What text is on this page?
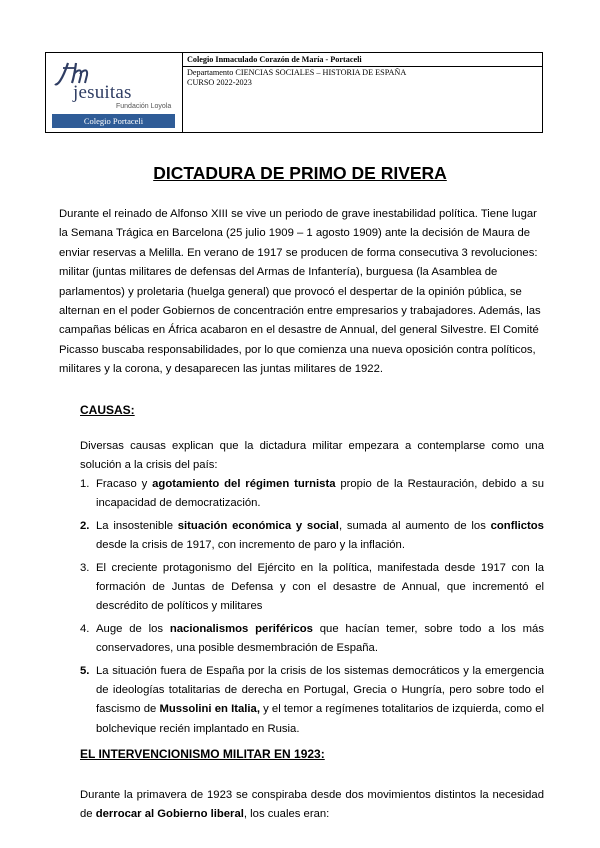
jesuitas
Fundación Loyola
Colegio Portaceli
Colegio Inmaculado Corazón de María - Portaceli
Departamento CIENCIAS SOCIALES – HISTORIA DE ESPAÑA
CURSO 2022-2023
DICTADURA DE PRIMO DE RIVERA
Durante el reinado de Alfonso XIII se vive un periodo de grave inestabilidad política. Tiene lugar la Semana Trágica en Barcelona (25 julio 1909 – 1 agosto 1909) ante la decisión de Maura de enviar reservas a Melilla. En verano de 1917 se producen de forma consecutiva 3 revoluciones: militar (juntas militares de defensas del Armas de Infantería), burguesa (la Asamblea de parlamentos) y proletaria (huelga general) que provocó el despertar de la opinión pública, se alternan en el poder Gobiernos de concentración entre empresarios y trabajadores. Además, las campañas bélicas en África acabaron en el desastre de Annual, del general Silvestre. El Comité Picasso buscaba responsabilidades, por lo que comienza una nueva oposición contra políticos, militares y la corona, y desaparecen las juntas militares de 1922.
CAUSAS:
Diversas causas explican que la dictadura militar empezara a contemplarse como una solución a la crisis del país:
1. Fracaso y agotamiento del régimen turnista propio de la Restauración, debido a su incapacidad de democratización.
2. La insostenible situación económica y social, sumada al aumento de los conflictos desde la crisis de 1917, con incremento de paro y la inflación.
3. El creciente protagonismo del Ejército en la política, manifestada desde 1917 con la formación de Juntas de Defensa y con el desastre de Annual, que incrementó el descrédito de políticos y militares
4. Auge de los nacionalismos periféricos que hacían temer, sobre todo a los más conservadores, una posible desmembración de España.
5. La situación fuera de España por la crisis de los sistemas democráticos y la emergencia de ideologías totalitarias de derecha en Portugal, Grecia o Hungría, pero sobre todo el fascismo de Mussolini en Italia, y el temor a regímenes totalitarios de izquierda, como el bolchevique recién implantado en Rusia.
EL INTERVENCIONISMO MILITAR EN 1923:
Durante la primavera de 1923 se conspiraba desde dos movimientos distintos la necesidad de derrocar al Gobierno liberal, los cuales eran:
